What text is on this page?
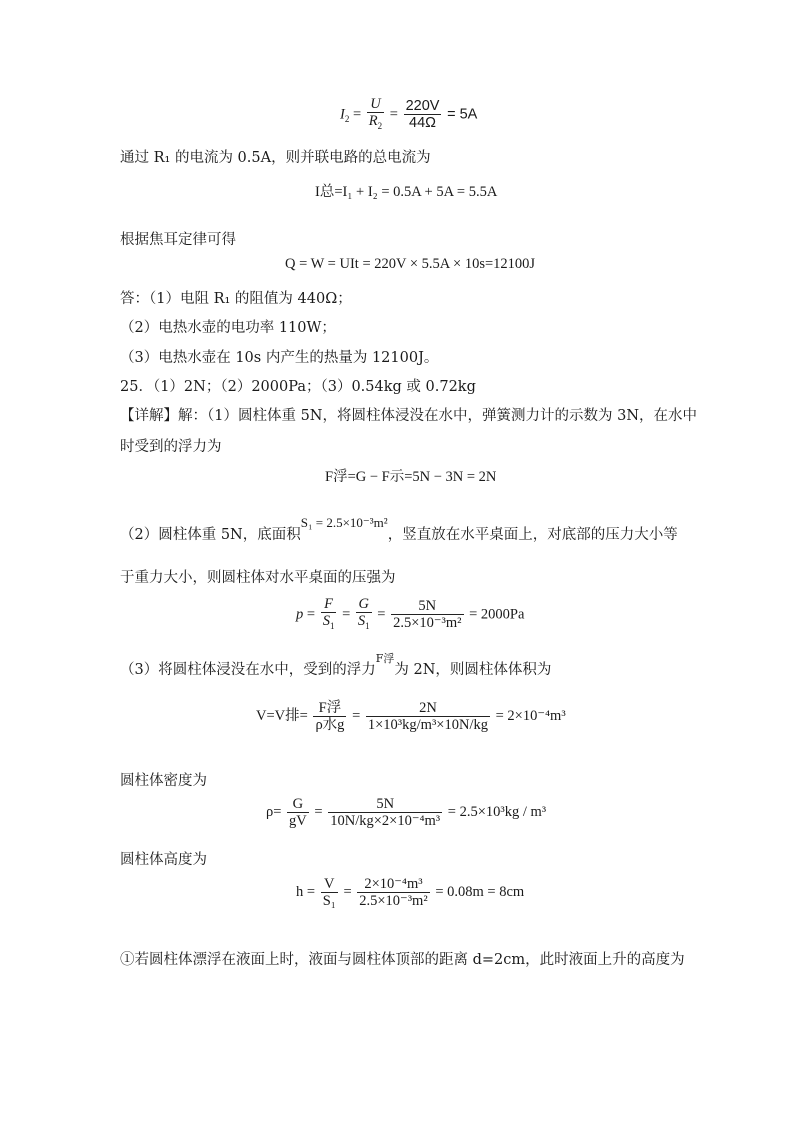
$I_2 = \frac{U}{R_2} = \frac{220V}{44\Omega} = 5A$
通过 R₁ 的电流为 0.5A，则并联电路的总电流为
I总=I₁ + I₂ = 0.5A + 5A = 5.5A
根据焦耳定律可得
Q = W = UIt = 220V × 5.5A × 10s=12100J
答：（1）电阻 R₁ 的阻值为 440Ω；
（2）电热水壶的电功率 110W；
（3）电热水壶在 10s 内产生的热量为 12100J。
25．（1）2N；（2）2000Pa；（3）0.54kg 或 0.72kg
【详解】解：（1）圆柱体重 5N，将圆柱体浸没在水中，弹簧测力计的示数为 3N，在水中
时受到的浮力为
F浮=G − F示=5N − 3N = 2N
（2）圆柱体重 5N，底面积S₁ = 2.5×10⁻³m²，竖直放在水平桌面上，对底部的压力大小等
于重力大小，则圆柱体对水平桌面的压强为
$p = \frac{F}{S_1} = \frac{G}{S_1} = \frac{5N}{\text{2.5×10⁻³m²}} = 2000Pa$
（3）将圆柱体浸没在水中，受到的浮力$^{F浮}$为 2N，则圆柱体体积为
V=V排= $\frac{\text{F浮}}{\text{ρ水g}} = \frac{2N}{\text{1×10³kg/m³×10N/kg}} = 2\times 10^{-4}m^3$
圆柱体密度为
$\rho= \frac{G}{gV} = \frac{5N}{\text{10N/kg×2×10⁻⁴m³}} = 2.5\times 10^3kg / m^3$
圆柱体高度为
$h = \frac{V}{\text{S₁}} = \frac{\text{2×10⁻⁴m³}}{\text{2.5×10⁻³m²}} = 0.08m = 8cm$
①若圆柱体漂浮在液面上时，液面与圆柱体顶部的距离 d=2cm，此时液面上升的高度为
